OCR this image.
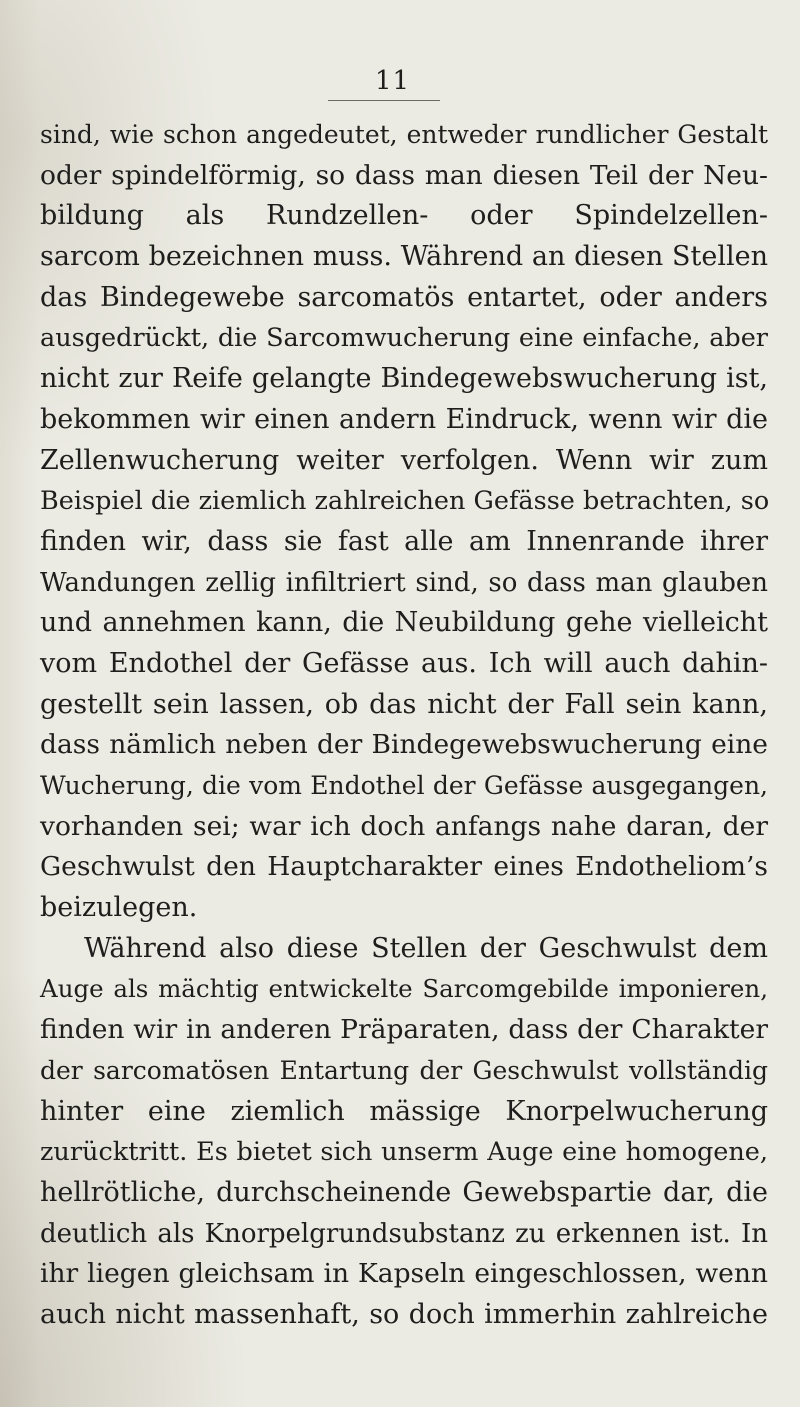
11
sind, wie schon angedeutet, entweder rundlicher Gestalt
oder spindelförmig, so dass man diesen Teil der Neu-
bildung als Rundzellen- oder Spindelzellen-
sarcom bezeichnen muss. Während an diesen Stellen
das Bindegewebe sarcomatös entartet, oder anders
ausgedrückt, die Sarcomwucherung eine einfache, aber
nicht zur Reife gelangte Bindegewebswucherung ist,
bekommen wir einen andern Eindruck, wenn wir die
Zellenwucherung weiter verfolgen. Wenn wir zum
Beispiel die ziemlich zahlreichen Gefässe betrachten, so
finden wir, dass sie fast alle am Innenrande ihrer
Wandungen zellig infiltriert sind, so dass man glauben
und annehmen kann, die Neubildung gehe vielleicht
vom Endothel der Gefässe aus. Ich will auch dahin-
gestellt sein lassen, ob das nicht der Fall sein kann,
dass nämlich neben der Bindegewebswucherung eine
Wucherung, die vom Endothel der Gefässe ausgegangen,
vorhanden sei; war ich doch anfangs nahe daran, der
Geschwulst den Hauptcharakter eines Endotheliom’s
beizulegen.
Während also diese Stellen der Geschwulst dem
Auge als mächtig entwickelte Sarcomgebilde imponieren,
finden wir in anderen Präparaten, dass der Charakter
der sarcomatösen Entartung der Geschwulst vollständig
hinter eine ziemlich mässige Knorpelwucherung
zurücktritt. Es bietet sich unserm Auge eine homogene,
hellrötliche, durchscheinende Gewebspartie dar, die
deutlich als Knorpelgrundsubstanz zu erkennen ist. In
ihr liegen gleichsam in Kapseln eingeschlossen, wenn
auch nicht massenhaft, so doch immerhin zahlreiche
